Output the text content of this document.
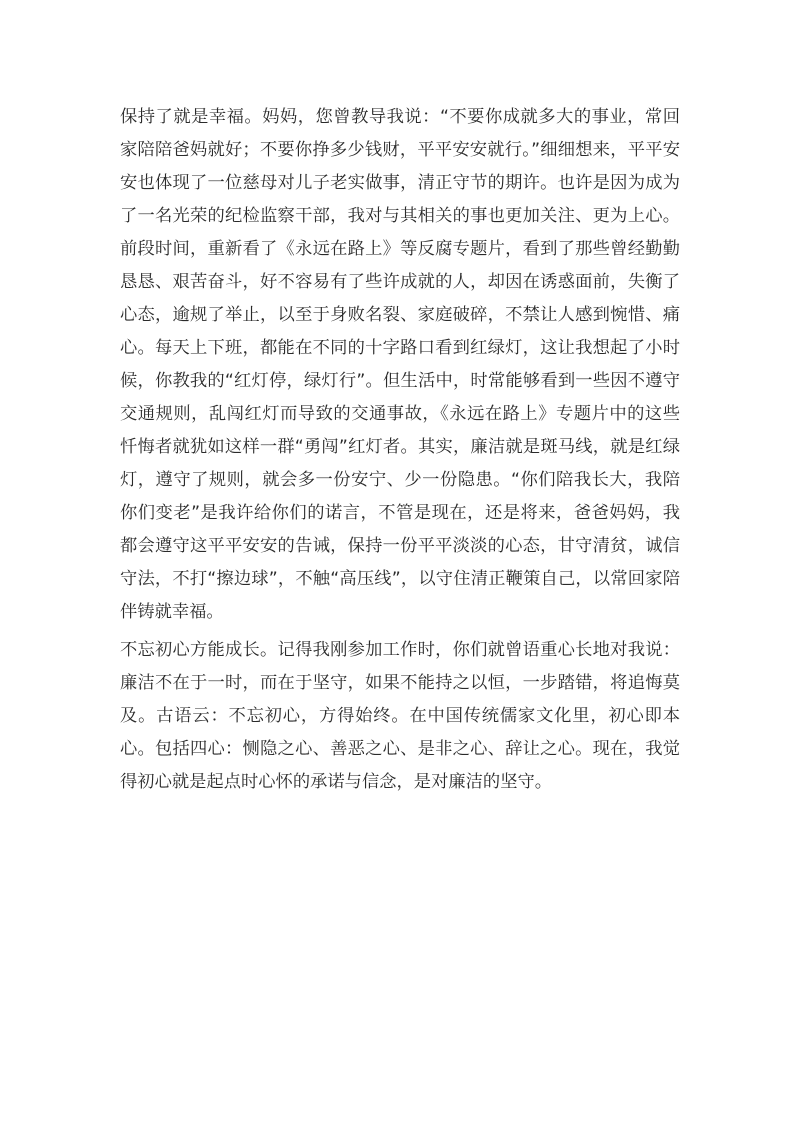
保持了就是幸福。妈妈，您曾教导我说：“不要你成就多大的事业，常回家陪陪爸妈就好；不要你挣多少钱财，平平安安就行。”细细想来，平平安安也体现了一位慈母对儿子老实做事，清正守节的期许。也许是因为成为了一名光荣的纪检监察干部，我对与其相关的事也更加关注、更为上心。前段时间，重新看了《永远在路上》等反腐专题片，看到了那些曾经勤勤恳恳、艰苦奋斗，好不容易有了些许成就的人，却因在诱惑面前，失衡了心态，逾规了举止，以至于身败名裂、家庭破碎，不禁让人感到惋惜、痛心。每天上下班，都能在不同的十字路口看到红绿灯，这让我想起了小时候，你教我的“红灯停，绿灯行”。但生活中，时常能够看到一些因不遵守交通规则，乱闯红灯而导致的交通事故，《永远在路上》专题片中的这些忏悔者就犹如这样一群“勇闯”红灯者。其实，廉洁就是斑马线，就是红绿灯，遵守了规则，就会多一份安宁、少一份隐患。“你们陪我长大，我陪你们变老”是我许给你们的诺言，不管是现在，还是将来，爸爸妈妈，我都会遵守这平平安安的告诫，保持一份平平淡淡的心态，甘守清贫，诚信守法，不打“擦边球”，不触“高压线”，以守住清正鞭策自己，以常回家陪伴铸就幸福。

不忘初心方能成长。记得我刚参加工作时，你们就曾语重心长地对我说：廉洁不在于一时，而在于坚守，如果不能持之以恒，一步踏错，将追悔莫及。古语云：不忘初心，方得始终。在中国传统儒家文化里，初心即本心。包括四心：恻隐之心、善恶之心、是非之心、辞让之心。现在，我觉得初心就是起点时心怀的承诺与信念，是对廉洁的坚守。
